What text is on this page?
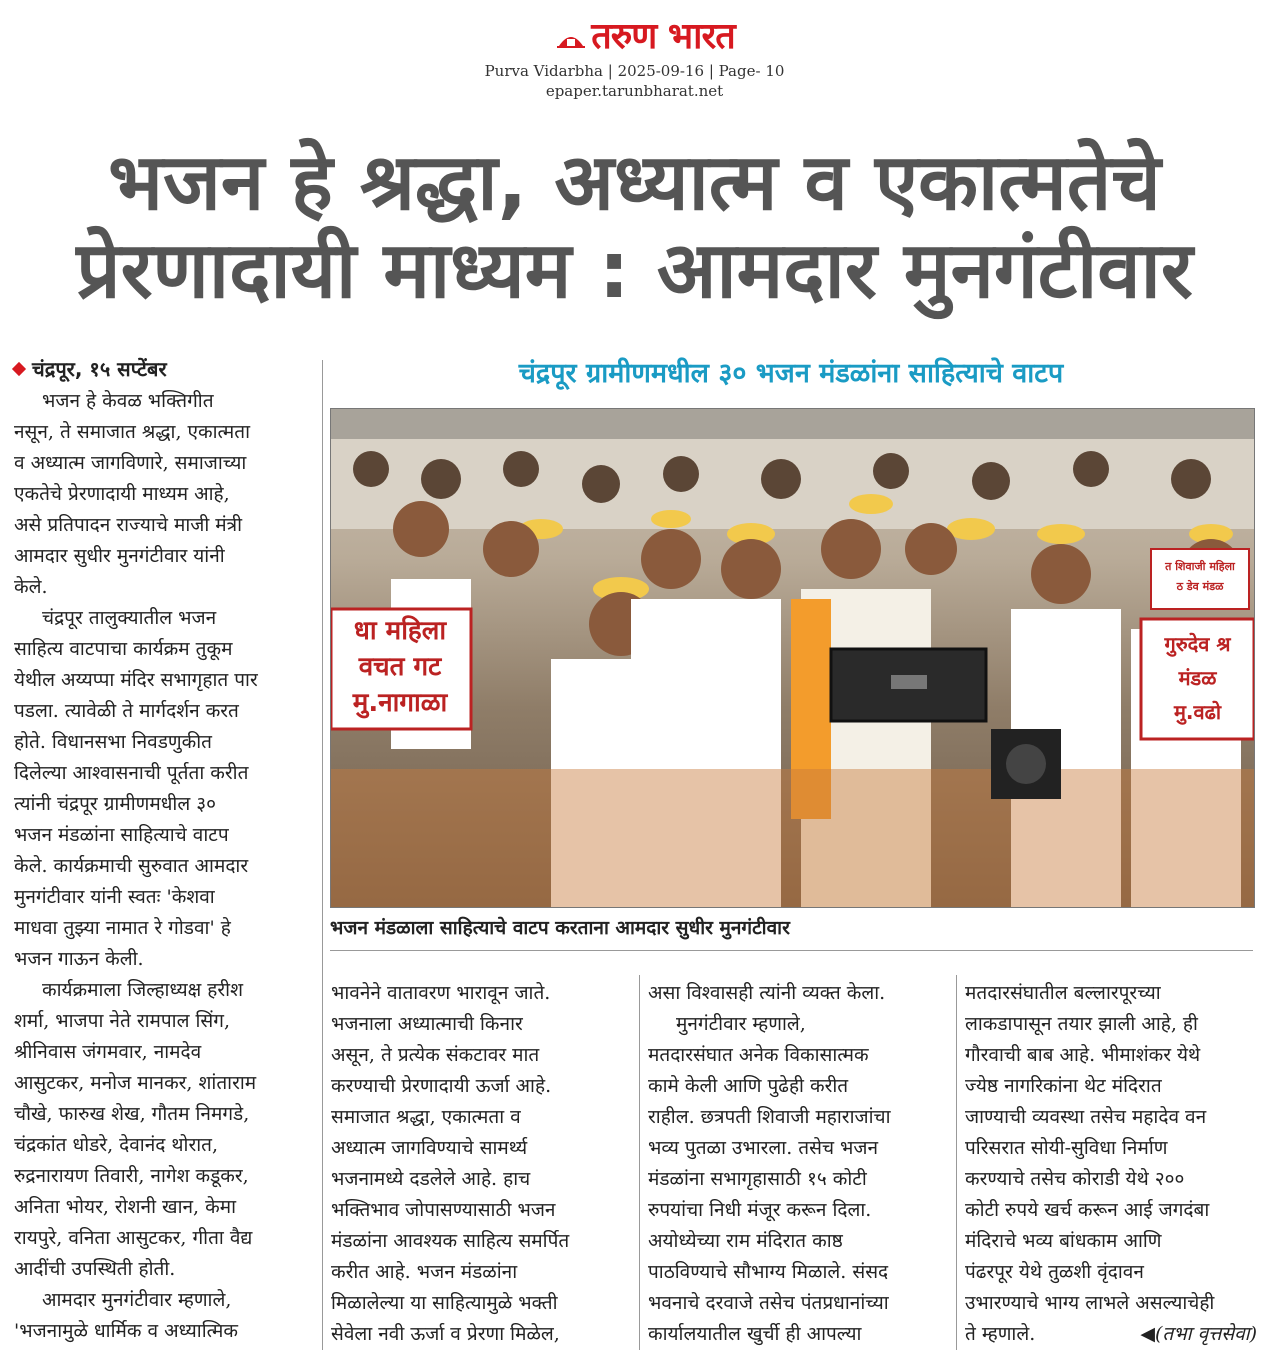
तरुण भारत
Purva Vidarbha | 2025-09-16 | Page- 10
epaper.tarunbharat.net
भजन हे श्रद्धा, अध्यात्म व एकात्मतेचे
प्रेरणादायी माध्यम : आमदार मुनगंटीवार
चंद्रपूर, १५ सप्टेंबर	चंद्रपूर ग्रामीणमधील ३० भजन मंडळांना साहित्याचे वाटप

भजन हे केवळ भक्तिगीत

नसून, ते समाजात श्रद्धा, एकात्मता

व अध्यात्म जागविणारे, समाजाच्या

एकतेचे प्रेरणादायी माध्यम आहे,

असे प्रतिपादन राज्याचे माजी मंत्री

आमदार सुधीर मुनगंटीवार यांनी

केले.

चंद्रपूर तालुक्यातील भजन

साहित्य वाटपाचा कार्यक्रम तुकूम

येथील अय्यप्पा मंदिर सभागृहात पार

पडला. त्यावेळी ते मार्गदर्शन करत

होते. विधानसभा निवडणुकीत

दिलेल्या आश्वासनाची पूर्तता करीत

त्यांनी चंद्रपूर ग्रामीणमधील ३०

भजन मंडळांना साहित्याचे वाटप

केले. कार्यक्रमाची सुरुवात आमदार

मुनगंटीवार यांनी स्वतः 'केशवा

माधवा तुझ्या नामात रे गोडवा' हे

भजन गाऊन केली.

कार्यक्रमाला जिल्हाध्यक्ष हरीश

शर्मा, भाजपा नेते रामपाल सिंग,

श्रीनिवास जंगमवार, नामदेव

आसुटकर, मनोज मानकर, शांताराम

चौखे, फारुख शेख, गौतम निमगडे,

चंद्रकांत धोडरे, देवानंद थोरात,

रुद्रनारायण तिवारी, नागेश कडूकर,

अनिता भोयर, रोशनी खान, केमा

रायपुरे, वनिता आसुटकर, गीता वैद्य

आदींची उपस्थिती होती.

आमदार मुनगंटीवार म्हणाले,

'भजनामुळे धार्मिक व अध्यात्मिक

धा महिला
वचत गट
मु.नागाळा
गुरुदेव श्र
मंडळ
मु.वढो
त शिवाजी महिला
ठ डेव मंडळ
भजन मंडळाला साहित्याचे वाटप करताना आमदार सुधीर मुनगंटीवार

भावनेने वातावरण भारावून जाते.

भजनाला अध्यात्माची किनार

असून, ते प्रत्येक संकटावर मात

करण्याची प्रेरणादायी ऊर्जा आहे.

समाजात श्रद्धा, एकात्मता व

अध्यात्म जागविण्याचे सामर्थ्य

भजनामध्ये दडलेले आहे. हाच

भक्तिभाव जोपासण्यासाठी भजन

मंडळांना आवश्यक साहित्य समर्पित

करीत आहे. भजन मंडळांना

मिळालेल्या या साहित्यामुळे भक्ती

सेवेला नवी ऊर्जा व प्रेरणा मिळेल,

असा विश्वासही त्यांनी व्यक्त केला.

मुनगंटीवार म्हणाले,

मतदारसंघात अनेक विकासात्मक

कामे केली आणि पुढेही करीत

राहील. छत्रपती शिवाजी महाराजांचा

भव्य पुतळा उभारला. तसेच भजन

मंडळांना सभागृहासाठी १५ कोटी

रुपयांचा निधी मंजूर करून दिला.

अयोध्येच्या राम मंदिरात काष्ठ

पाठविण्याचे सौभाग्य मिळाले. संसद

भवनाचे दरवाजे तसेच पंतप्रधानांच्या

कार्यालयातील खुर्ची ही आपल्या

मतदारसंघातील बल्लारपूरच्या

लाकडापासून तयार झाली आहे, ही

गौरवाची बाब आहे. भीमाशंकर येथे

ज्येष्ठ नागरिकांना थेट मंदिरात

जाण्याची व्यवस्था तसेच महादेव वन

परिसरात सोयी-सुविधा निर्माण

करण्याचे तसेच कोराडी येथे २००

कोटी रुपये खर्च करून आई जगदंबा

मंदिराचे भव्य बांधकाम आणि

पंढरपूर येथे तुळशी वृंदावन

उभारण्याचे भाग्य लाभले असल्याचेही

ते म्हणाले.	◀(तभा वृत्तसेवा)
